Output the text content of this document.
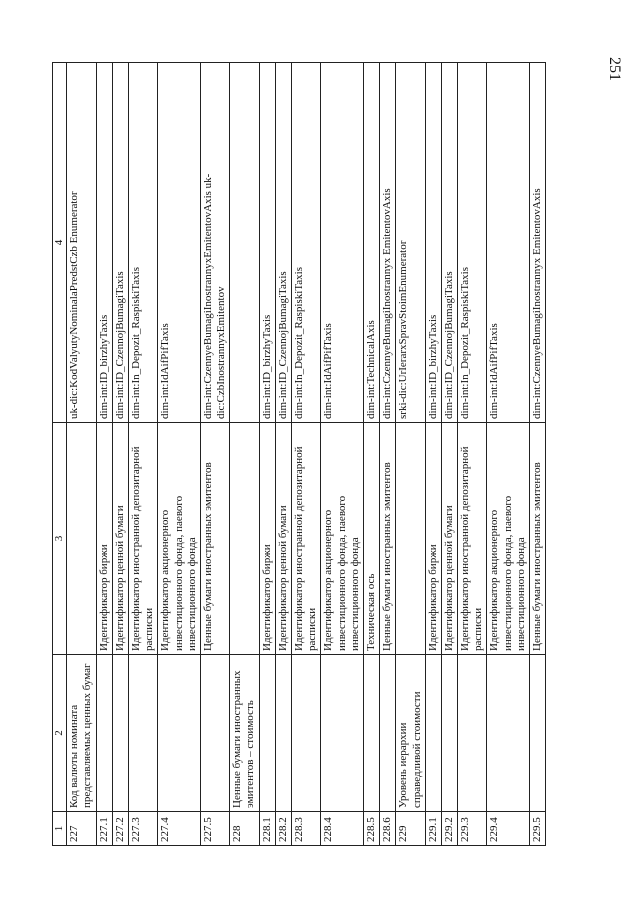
251
1	2	3	4
227	Код валюты номината представляемых ценных бумаг		uk-dic:KodValyutyNominalaPredstCzb Enumerator
227.1		Идентификатор биржи	dim-int:ID_birzhyTaxis
227.2		Идентификатор ценной бумаги	dim-int:ID_CzennojBumagiTaxis
227.3		Идентификатор иностранной депозитарной расписки	dim-int:In_Depozit_RaspiskiTaxis
227.4		Идентификатор акционерного инвестиционного фонда, паевого инвестиционного фонда	dim-int:IdAifPifTaxis
227.5		Ценные бумаги иностранных эмитентов	dim-int:CzennyeBumagiInostrannyxEmitentovAxis uk-dic:CzbInostrannyxEmitentov
228	Ценные бумаги иностранных эмитентов – стоимость		
228.1		Идентификатор биржи	dim-int:ID_birzhyTaxis
228.2		Идентификатор ценной бумаги	dim-int:ID_CzennojBumagiTaxis
228.3		Идентификатор иностранной депозитарной расписки	dim-int:In_Depozit_RaspiskiTaxis
228.4		Идентификатор акционерного инвестиционного фонда, паевого инвестиционного фонда	dim-int:IdAifPifTaxis
228.5		Техническая ось	dim-int:TechnicalAxis
228.6		Ценные бумаги иностранных эмитентов	dim-int:CzennyeBumagiInostrannyx EmitentovAxis
229	Уровень иерархии справедливой стоимости		srki-dic:UrIerarxSpravStoimEnumerator
229.1		Идентификатор биржи	dim-int:ID_birzhyTaxis
229.2		Идентификатор ценной бумаги	dim-int:ID_CzennojBumagiTaxis
229.3		Идентификатор иностранной депозитарной расписки	dim-int:In_Depozit_RaspiskiTaxis
229.4		Идентификатор акционерного инвестиционного фонда, паевого инвестиционного фонда	dim-int:IdAifPifTaxis
229.5		Ценные бумаги иностранных эмитентов	dim-int:CzennyeBumagiInostrannyx EmitentovAxis
